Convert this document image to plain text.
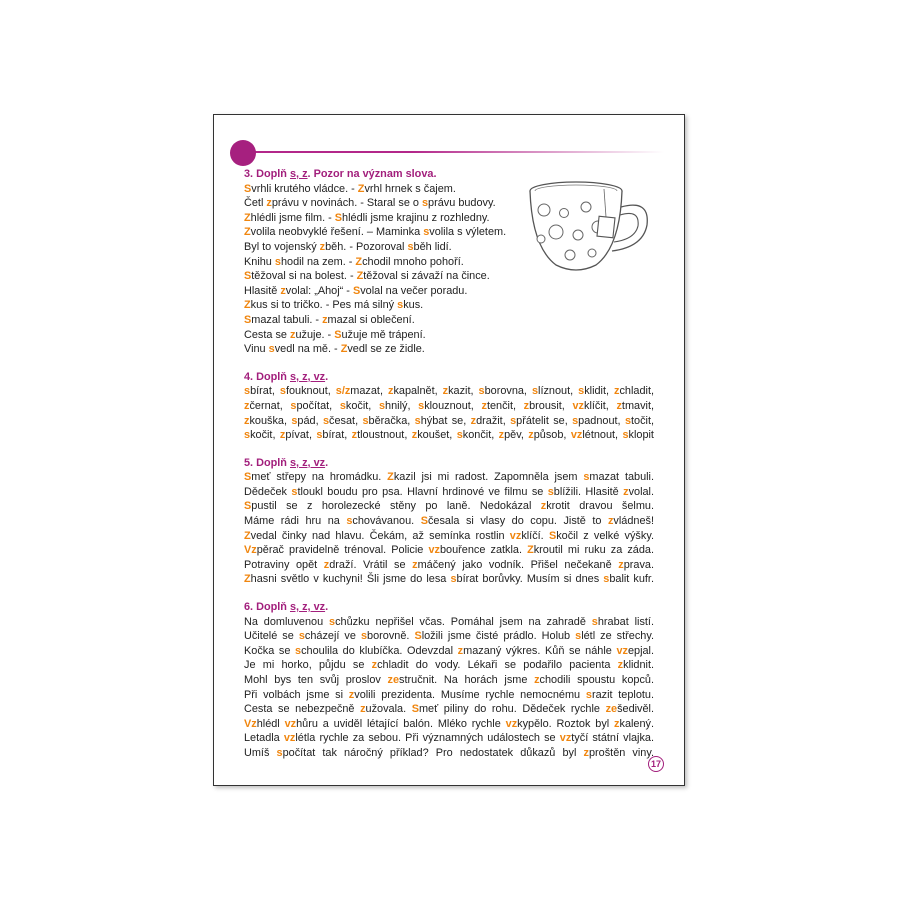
3. Doplň s, z. Pozor na význam slova.
Svrhli krutého vládce. - Zvrhl hrnek s čajem.
Četl zprávu v novinách. - Staral se o správu budovy.
Zhlédli jsme film. - Shlédli jsme krajinu z rozhledny.
Zvolila neobvyklé řešení. – Maminka svolila s výletem.
Byl to vojenský zběh. - Pozoroval sběh lidí.
Knihu shodil na zem. - Zchodil mnoho pohoří.
Stěžoval si na bolest. - Ztěžoval si závaží na čince.
Hlasitě zvolal: „Ahoj“ - Svolal na večer poradu.
Zkus si to tričko. - Pes má silný skus.
Smazal tabuli. - zmazal si oblečení.
Cesta se zužuje. - Sužuje mě trápení.
Vinu svedl na mě. - Zvedl se ze židle.
4. Doplň s, z, vz.
sbírat, sfouknout, s/zmazat, zkapalnět, zkazit, sborovna, slíznout, sklidit, zchladit,
zčernat, spočítat, skočit, shnilý, sklouznout, ztenčit, zbrousit, vzklíčit, ztmavit,
zkouška, spád, sčesat, sběračka, shýbat se, zdražit, spřátelit se, spadnout, stočit,
skočit, zpívat, sbírat, ztloustnout, zkoušet, skončit, zpěv, způsob, vzlétnout, sklopit
5. Doplň s, z, vz.
Smeť střepy na hromádku. Zkazil jsi mi radost. Zapomněla jsem smazat tabuli.
Dědeček stloukl boudu pro psa. Hlavní hrdinové ve filmu se sblížili. Hlasitě zvolal.
Spustil se z horolezecké stěny po laně. Nedokázal zkrotit dravou šelmu.
Máme rádi hru na schovávanou. Sčesala si vlasy do copu. Jistě to zvládneš!
Zvedal činky nad hlavu. Čekám, až semínka rostlin vzklíčí. Skočil z velké výšky.
Vzpěrač pravidelně trénoval. Policie vzbouřence zatkla. Zkroutil mi ruku za záda.
Potraviny opět zdraží. Vrátil se zmáčený jako vodník. Přišel nečekaně zprava.
Zhasni světlo v kuchyni! Šli jsme do lesa sbírat borůvky. Musím si dnes sbalit kufr.
6. Doplň s, z, vz.
Na domluvenou schůzku nepřišel včas. Pomáhal jsem na zahradě shrabat listí.
Učitelé se scházejí ve sborovně. Složili jsme čisté prádlo. Holub slétl ze střechy.
Kočka se schoulila do klubíčka. Odevzdal zmazaný výkres. Kůň se náhle vzepjal.
Je mi horko, půjdu se zchladit do vody. Lékaři se podařilo pacienta zklidnit.
Mohl bys ten svůj proslov zestručnit. Na horách jsme zchodili spoustu kopců.
Při volbách jsme si zvolili prezidenta. Musíme rychle nemocnému srazit teplotu.
Cesta se nebezpečně zužovala. Smeť piliny do rohu. Dědeček rychle zešedivěl.
Vzhlédl vzhůru a uviděl létající balón. Mléko rychle vzkypělo. Roztok byl zkalený.
Letadla vzlétla rychle za sebou. Při významných událostech se vztyčí státní vlajka.
Umíš spočítat tak náročný příklad? Pro nedostatek důkazů byl zproštěn viny.
17
